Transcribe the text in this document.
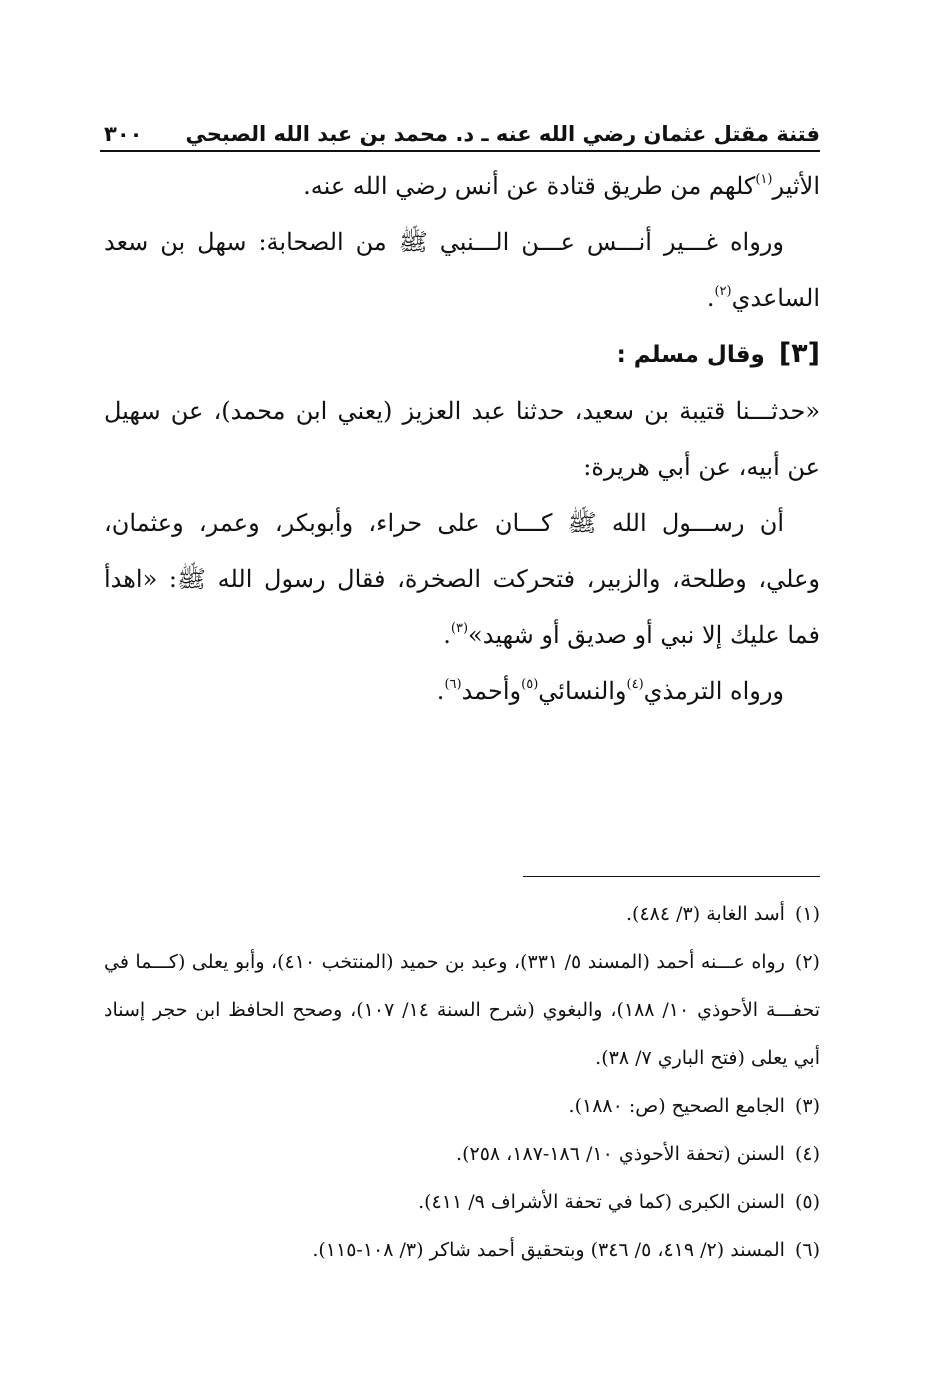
فتنة مقتل عثمان رضي الله عنه ـ د. محمد بن عبد الله الصبحي
٣٠٠

الأثير$^{(١)}$كلهم من طريق قتادة عن أنس رضي الله عنه.

ورواه غـــير أنـــس عـــن الـــنبي ﷺ من الصحابة: سهل بن سعد الساعدي$^{(٢)}$.

[٣]وقال مسلم :

«حدثـــنا قتيبة بن سعيد، حدثنا عبد العزيز (يعني ابن محمد)، عن سهيل عن أبيه، عن أبي هريرة:

أن رســـول الله ﷺ كـــان على حراء، وأبوبكر، وعمر، وعثمان، وعلي، وطلحة، والزبير، فتحركت الصخرة، فقال رسول الله ﷺ: «اهدأ فما عليك إلا نبي أو صديق أو شهيد»$^{(٣)}$.

ورواه الترمذي$^{(٤)}$والنسائي$^{(٥)}$وأحمد$^{(٦)}$.

(١)أسد الغابة (٣/ ٤٨٤).

(٢)رواه عـــنه أحمد (المسند ٥/ ٣٣١)، وعبد بن حميد (المنتخب ٤١٠)، وأبو يعلى (كـــما في تحفـــة الأحوذي ١٠/ ١٨٨)، والبغوي (شرح السنة ١٤/ ١٠٧)، وصحح الحافظ ابن حجر إسناد أبي يعلى (فتح الباري ٧/ ٣٨).

(٣)الجامع الصحيح (ص: ١٨٨٠).

(٤)السنن (تحفة الأحوذي ١٠/ ١٨٦-١٨٧، ٢٥٨).

(٥)السنن الكبرى (كما في تحفة الأشراف ٩/ ٤١١).

(٦)المسند (٢/ ٤١٩، ٥/ ٣٤٦) وبتحقيق أحمد شاكر (٣/ ١٠٨-١١٥).
